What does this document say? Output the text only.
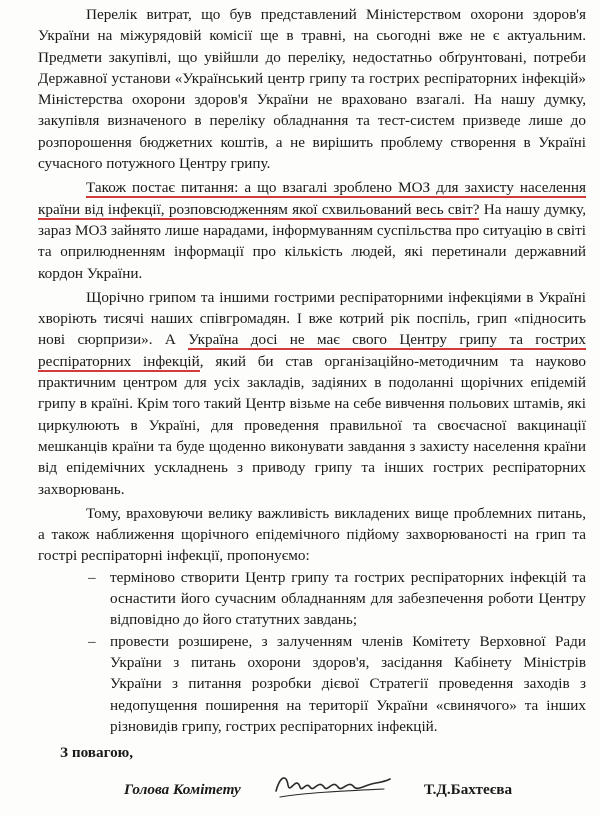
Перелік витрат, що був представлений Міністерством охорони здоров'я України на міжурядовій комісії ще в травні, на сьогодні вже не є актуальним. Предмети закупівлі, що увійшли до переліку, недостатньо обґрунтовані, потреби Державної установи «Український центр грипу та гострих респіраторних інфекцій» Міністерства охорони здоров'я України не враховано взагалі. На нашу думку, закупівля визначеного в переліку обладнання та тест-систем призведе лише до розпорошення бюджетних коштів, а не вирішить проблему створення в Україні сучасного потужного Центру грипу.

Також постає питання: а що взагалі зроблено МОЗ для захисту населення країни від інфекції, розповсюдженням якої схвильований весь світ? На нашу думку, зараз МОЗ зайнято лише нарадами, інформуванням суспільства про ситуацію в світі та оприлюдненням інформації про кількість людей, які перетинали державний кордон України.

Щорічно грипом та іншими гострими респіраторними інфекціями в Україні хворіють тисячі наших співгромадян. І вже котрий рік поспіль, грип «підносить нові сюрпризи». А Україна досі не має свого Центру грипу та гострих респіраторних інфекцій, який би став організаційно-методичним та науково практичним центром для усіх закладів, задіяних в подоланні щорічних епідемій грипу в країні. Крім того такий Центр візьме на себе вивчення польових штамів, які циркулюють в Україні, для проведення правильної та своєчасної вакцинації мешканців країни та буде щоденно виконувати завдання з захисту населення країни від епідемічних ускладнень з приводу грипу та інших гострих респіраторних захворювань.

Тому, враховуючи велику важливість викладених вище проблемних питань, а також наближення щорічного епідемічного підйому захворюваності на грип та гострі респіраторні інфекції, пропонуємо:

– терміново створити Центр грипу та гострих респіраторних інфекцій та оснастити його сучасним обладнанням для забезпечення роботи Центру відповідно до його статутних завдань;
– провести розширене, з залученням членів Комітету Верховної Ради України з питань охорони здоров'я, засідання Кабінету Міністрів України з питання розробки дієвої Стратегії проведення заходів з недопущення поширення на території України «свинячого» та інших різновидів грипу, гострих респіраторних інфекцій.
З повагою,
Голова Комітету	Т.Д.Бахтеєва
